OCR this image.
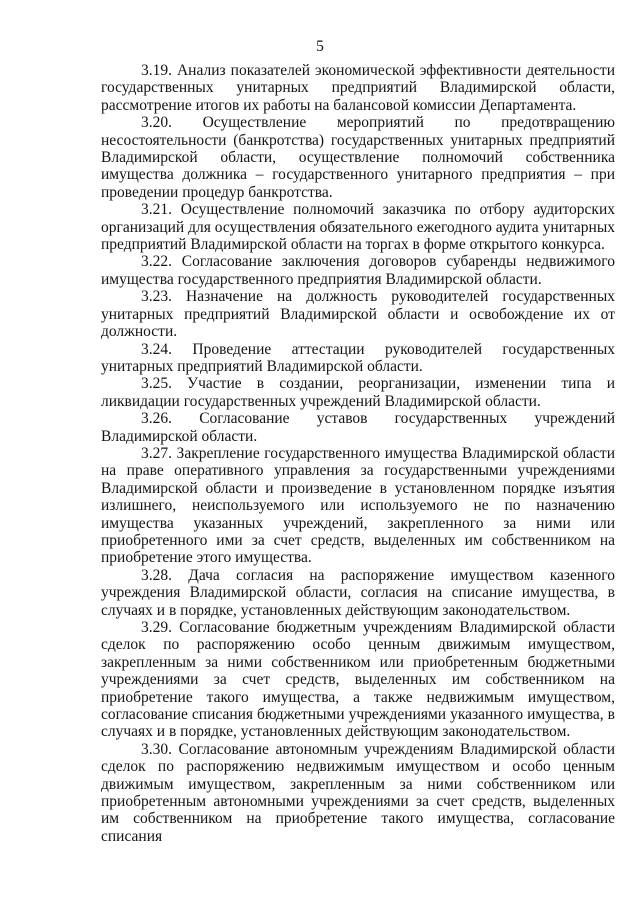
5

3.19. Анализ показателей экономической эффективности деятельности государственных унитарных предприятий Владимирской области, рассмотрение итогов их работы на балансовой комиссии Департамента.

3.20. Осуществление мероприятий по предотвращению несостоятельности (банкротства) государственных унитарных предприятий Владимирской области, осуществление полномочий собственника имущества должника – государственного унитарного предприятия – при проведении процедур банкротства.

3.21. Осуществление полномочий заказчика по отбору аудиторских организаций для осуществления обязательного ежегодного аудита унитарных предприятий Владимирской области на торгах в форме открытого конкурса.

3.22. Согласование заключения договоров субаренды недвижимого имущества государственного предприятия Владимирской области.

3.23. Назначение на должность руководителей государственных унитарных предприятий Владимирской области и освобождение их от должности.

3.24. Проведение аттестации руководителей государственных унитарных предприятий Владимирской области.

3.25. Участие в создании, реорганизации, изменении типа и ликвидации государственных учреждений Владимирской области.

3.26. Согласование уставов государственных учреждений Владимирской области.

3.27. Закрепление государственного имущества Владимирской области на праве оперативного управления за государственными учреждениями Владимирской области и произведение в установленном порядке изъятия излишнего, неиспользуемого или используемого не по назначению имущества указанных учреждений, закрепленного за ними или приобретенного ими за счет средств, выделенных им собственником на приобретение этого имущества.

3.28. Дача согласия на распоряжение имуществом казенного учреждения Владимирской области, согласия на списание имущества, в случаях и в порядке, установленных действующим законодательством.

3.29. Согласование бюджетным учреждениям Владимирской области сделок по распоряжению особо ценным движимым имуществом, закрепленным за ними собственником или приобретенным бюджетными учреждениями за счет средств, выделенных им собственником на приобретение такого имущества, а также недвижимым имуществом, согласование списания бюджетными учреждениями указанного имущества, в случаях и в порядке, установленных действующим законодательством.

3.30. Согласование автономным учреждениям Владимирской области сделок по распоряжению недвижимым имуществом и особо ценным движимым имуществом, закрепленным за ними собственником или приобретенным автономными учреждениями за счет средств, выделенных им собственником на приобретение такого имущества, согласование списания
